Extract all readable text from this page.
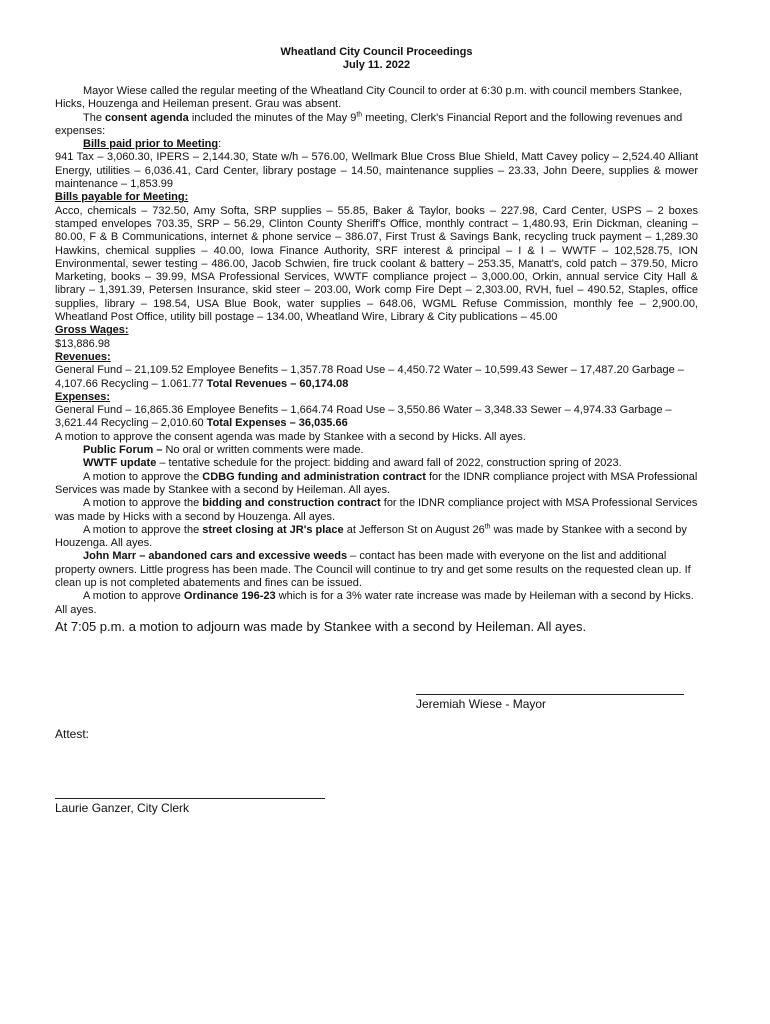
Wheatland City Council Proceedings
July 11. 2022

Mayor Wiese called the regular meeting of the Wheatland City Council to order at 6:30 p.m. with council members Stankee, Hicks, Houzenga and Heileman present. Grau was absent.

The consent agenda included the minutes of the May 9th meeting, Clerk's Financial Report and the following revenues and expenses:

Bills paid prior to Meeting:

941 Tax – 3,060.30, IPERS – 2,144.30, State w/h – 576.00, Wellmark Blue Cross Blue Shield, Matt Cavey policy – 2,524.40 Alliant Energy, utilities – 6,036.41, Card Center, library postage – 14.50, maintenance supplies – 23.33, John Deere, supplies & mower maintenance – 1,853.99

Bills payable for Meeting:

Acco, chemicals – 732.50, Amy Softa, SRP supplies – 55.85, Baker & Taylor, books – 227.98, Card Center, USPS – 2 boxes stamped envelopes 703.35, SRP – 56.29, Clinton County Sheriff's Office, monthly contract – 1,480.93, Erin Dickman, cleaning – 80.00, F & B Communications, internet & phone service – 386.07, First Trust & Savings Bank, recycling truck payment – 1,289.30 Hawkins, chemical supplies – 40.00, Iowa Finance Authority, SRF interest & principal – I & I – WWTF – 102,528.75, ION Environmental, sewer testing – 486.00, Jacob Schwien, fire truck coolant & battery – 253.35, Manatt's, cold patch – 379.50, Micro Marketing, books – 39.99, MSA Professional Services, WWTF compliance project – 3,000.00, Orkin, annual service City Hall & library – 1,391.39, Petersen Insurance, skid steer – 203.00, Work comp Fire Dept – 2,303.00, RVH, fuel – 490.52, Staples, office supplies, library – 198.54, USA Blue Book, water supplies – 648.06, WGML Refuse Commission, monthly fee – 2,900.00, Wheatland Post Office, utility bill postage – 134.00, Wheatland Wire, Library & City publications – 45.00

Gross Wages:

$13,886.98

Revenues:

General Fund – 21,109.52 Employee Benefits – 1,357.78 Road Use – 4,450.72 Water – 10,599.43 Sewer – 17,487.20 Garbage – 4,107.66 Recycling – 1.061.77 Total Revenues – 60,174.08

Expenses:

General Fund – 16,865.36 Employee Benefits – 1,664.74 Road Use – 3,550.86 Water – 3,348.33 Sewer – 4,974.33 Garbage – 3,621.44 Recycling – 2,010.60 Total Expenses – 36,035.66

A motion to approve the consent agenda was made by Stankee with a second by Hicks. All ayes.

Public Forum – No oral or written comments were made.

WWTF update – tentative schedule for the project: bidding and award fall of 2022, construction spring of 2023.

A motion to approve the CDBG funding and administration contract for the IDNR compliance project with MSA Professional Services was made by Stankee with a second by Heileman. All ayes.

A motion to approve the bidding and construction contract for the IDNR compliance project with MSA Professional Services was made by Hicks with a second by Houzenga. All ayes.

A motion to approve the street closing at JR's place at Jefferson St on August 26th was made by Stankee with a second by Houzenga. All ayes.

John Marr – abandoned cars and excessive weeds – contact has been made with everyone on the list and additional property owners. Little progress has been made. The Council will continue to try and get some results on the requested clean up. If clean up is not completed abatements and fines can be issued.

A motion to approve Ordinance 196-23 which is for a 3% water rate increase was made by Heileman with a second by Hicks. All ayes.

At 7:05 p.m. a motion to adjourn was made by Stankee with a second by Heileman. All ayes.

Jeremiah Wiese - Mayor
Attest:
Laurie Ganzer, City Clerk
